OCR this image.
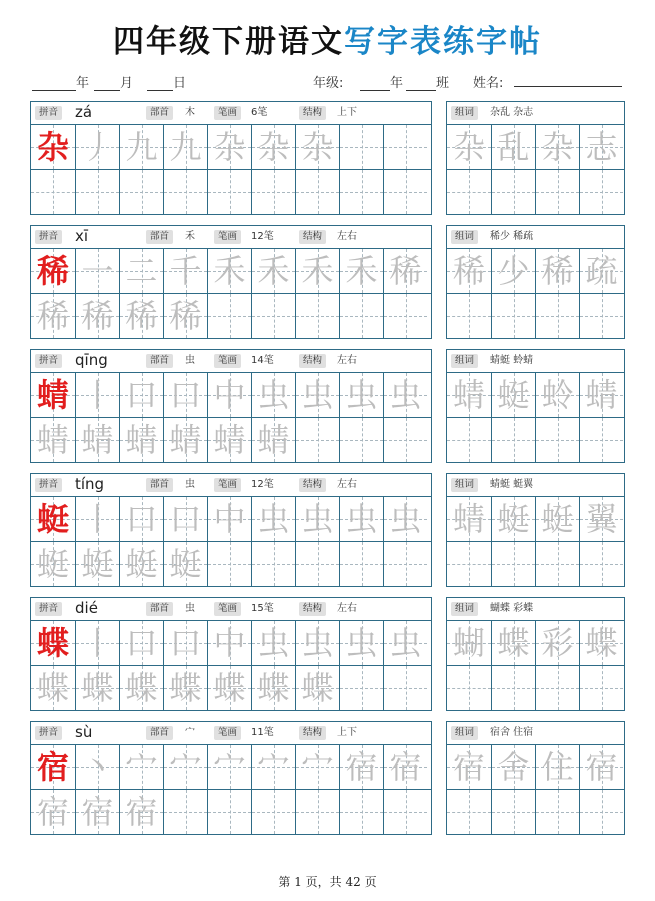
四年级下册语文写字表练字帖
年	月	日	年级:	年	班 姓名:
拼音 zá	部首	木	笔画	6笔	结构	上下
杂 丿 九 九 杂 杂 杂
组词	杂乱 杂志
杂 乱 杂 志
拼音 xī	部首	禾	笔画	12笔	结构	左右
稀 一 二 千 禾 禾 禾 禾 稀
稀 稀 稀 稀
组词	稀少 稀疏
稀 少 稀 疏
拼音 qīng	部首	虫	笔画	14笔	结构	左右
蜻 丨 口 口 中 虫 虫 虫 虫
蜻 蜻 蜻 蜻 蜻 蜻
组词	蜻蜓 蛉蜻
蜻 蜓 蛉 蜻
拼音 tíng	部首	虫	笔画	12笔	结构	左右
蜓 丨 口 口 中 虫 虫 虫 虫
蜓 蜓 蜓 蜓
组词	蜻蜓 蜓翼
蜻 蜓 蜓 翼
拼音 dié	部首	虫	笔画	15笔	结构	左右
蝶 丨 口 口 中 虫 虫 虫 虫
蝶 蝶 蝶 蝶 蝶 蝶 蝶
组词	蝴蝶 彩蝶
蝴 蝶 彩 蝶
拼音 sù	部首	宀	笔画	11笔	结构	上下
宿 丶 宀 宀 宀 宀 宀 宿 宿
宿 宿 宿
组词	宿舍 住宿
宿 舍 住 宿
第 1 页，共 42 页
